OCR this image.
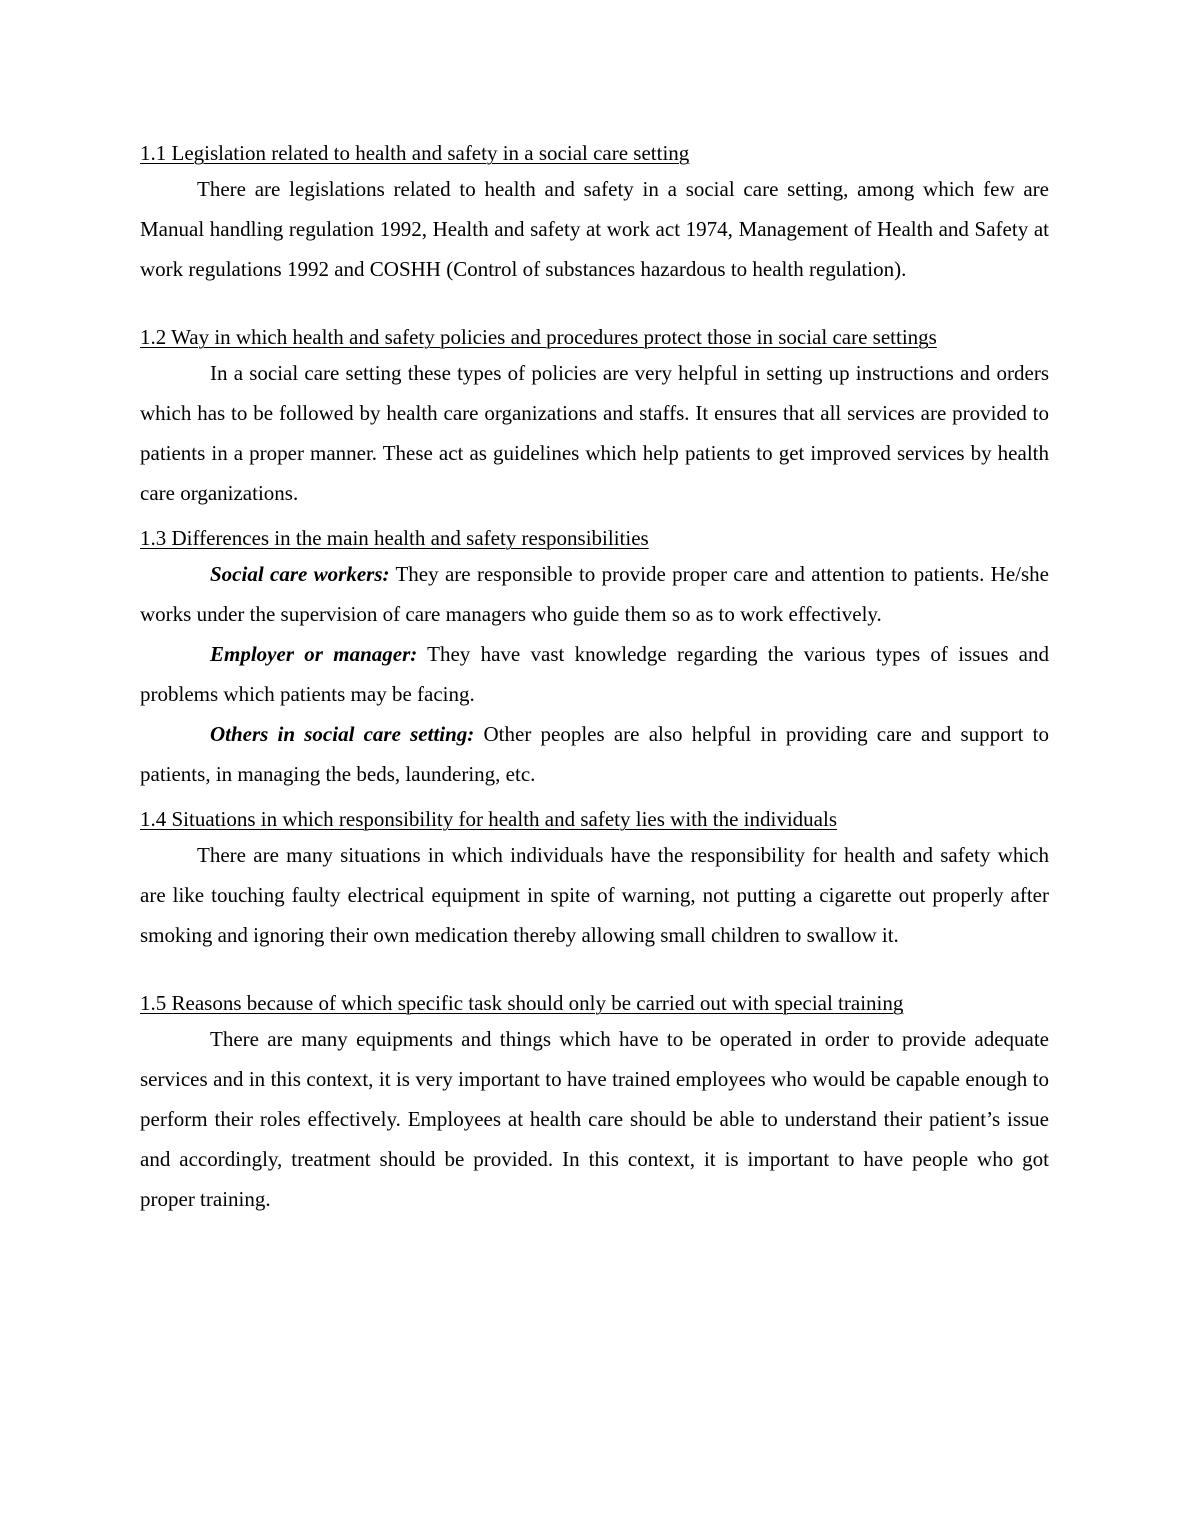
1.1 Legislation related to health and safety in a social care setting

There are legislations related to health and safety in a social care setting, among which few are Manual handling regulation 1992, Health and safety at work act 1974, Management of Health and Safety at work regulations 1992 and COSHH (Control of substances hazardous to health regulation).

1.2 Way in which health and safety policies and procedures protect those in social care settings

In a social care setting these types of policies are very helpful in setting up instructions and orders which has to be followed by health care organizations and staffs. It ensures that all services are provided to patients in a proper manner. These act as guidelines which help patients to get improved services by health care organizations.

1.3 Differences in the main health and safety responsibilities

Social care workers: They are responsible to provide proper care and attention to patients. He/she works under the supervision of care managers who guide them so as to work effectively.

Employer or manager: They have vast knowledge regarding the various types of issues and problems which patients may be facing.

Others in social care setting: Other peoples are also helpful in providing care and support to patients, in managing the beds, laundering, etc.

1.4 Situations in which responsibility for health and safety lies with the individuals

There are many situations in which individuals have the responsibility for health and safety which are like touching faulty electrical equipment in spite of warning, not putting a cigarette out properly after smoking and ignoring their own medication thereby allowing small children to swallow it.

1.5 Reasons because of which specific task should only be carried out with special training

There are many equipments and things which have to be operated in order to provide adequate services and in this context, it is very important to have trained employees who would be capable enough to perform their roles effectively. Employees at health care should be able to understand their patient’s issue and accordingly, treatment should be provided. In this context, it is important to have people who got proper training.
